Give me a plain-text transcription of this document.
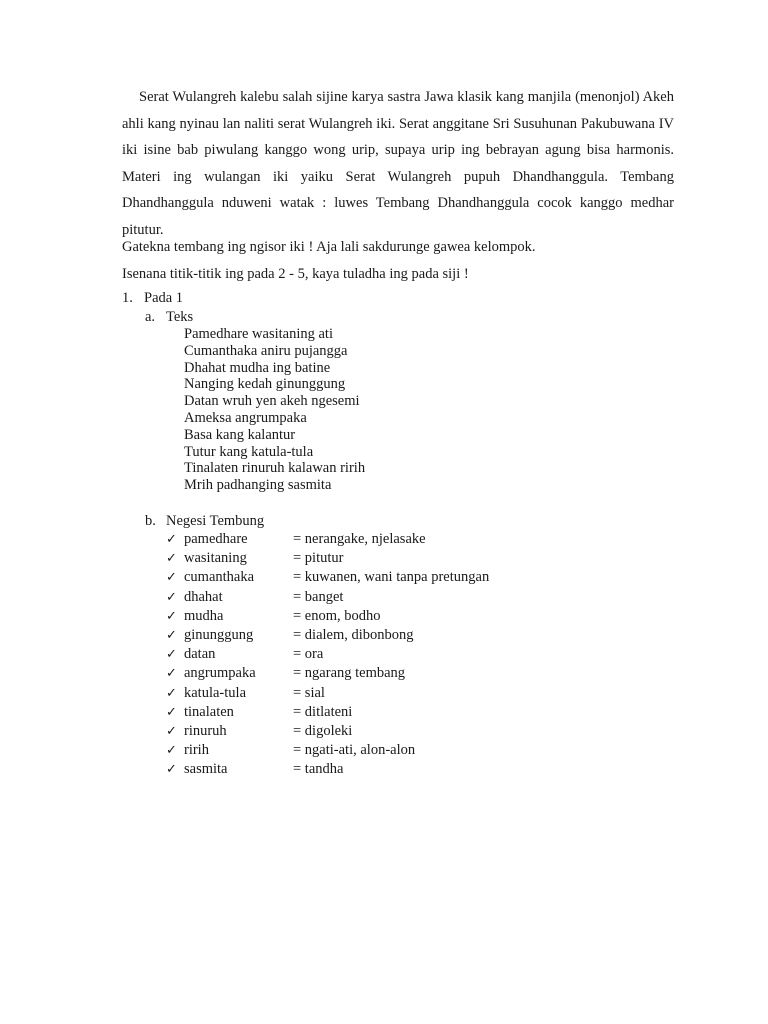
Serat Wulangreh kalebu salah sijine karya sastra Jawa klasik kang manjila (menonjol) Akeh ahli kang nyinau lan naliti serat Wulangreh iki. Serat anggitane Sri Susuhunan Pakubuwana IV iki isine bab piwulang kanggo wong urip, supaya urip ing bebrayan agung bisa harmonis. Materi ing wulangan iki yaiku Serat Wulangreh pupuh Dhandhanggula. Tembang Dhandhanggula nduweni watak : luwes Tembang Dhandhanggula cocok kanggo medhar pitutur.

Gatekna tembang ing ngisor iki ! Aja lali sakdurunge gawea kelompok.

Isenana titik-titik ing pada 2 - 5, kaya tuladha ing pada siji !

1. Pada 1

a. Teks

Pamedhare wasitaning ati
Cumanthaka aniru pujangga
Dhahat mudha ing batine
Nanging kedah ginunggung
Datan wruh yen akeh ngesemi
Ameksa angrumpaka
Basa kang kalantur
Tutur kang katula-tula
Tinalaten rinuruh kalawan ririh
Mrih padhanging sasmita

b. Negesi Tembung

✓ pamedhare	= nerangake, njelasake
✓ wasitaning	= pitutur
✓ cumanthaka	= kuwanen, wani tanpa pretungan
✓ dhahat	= banget
✓ mudha	= enom, bodho
✓ ginunggung	= dialem, dibonbong
✓ datan	= ora
✓ angrumpaka	= ngarang tembang
✓ katula-tula	= sial
✓ tinalaten	= ditlateni
✓ rinuruh	= digoleki
✓ ririh	= ngati-ati, alon-alon
✓ sasmita	= tandha
